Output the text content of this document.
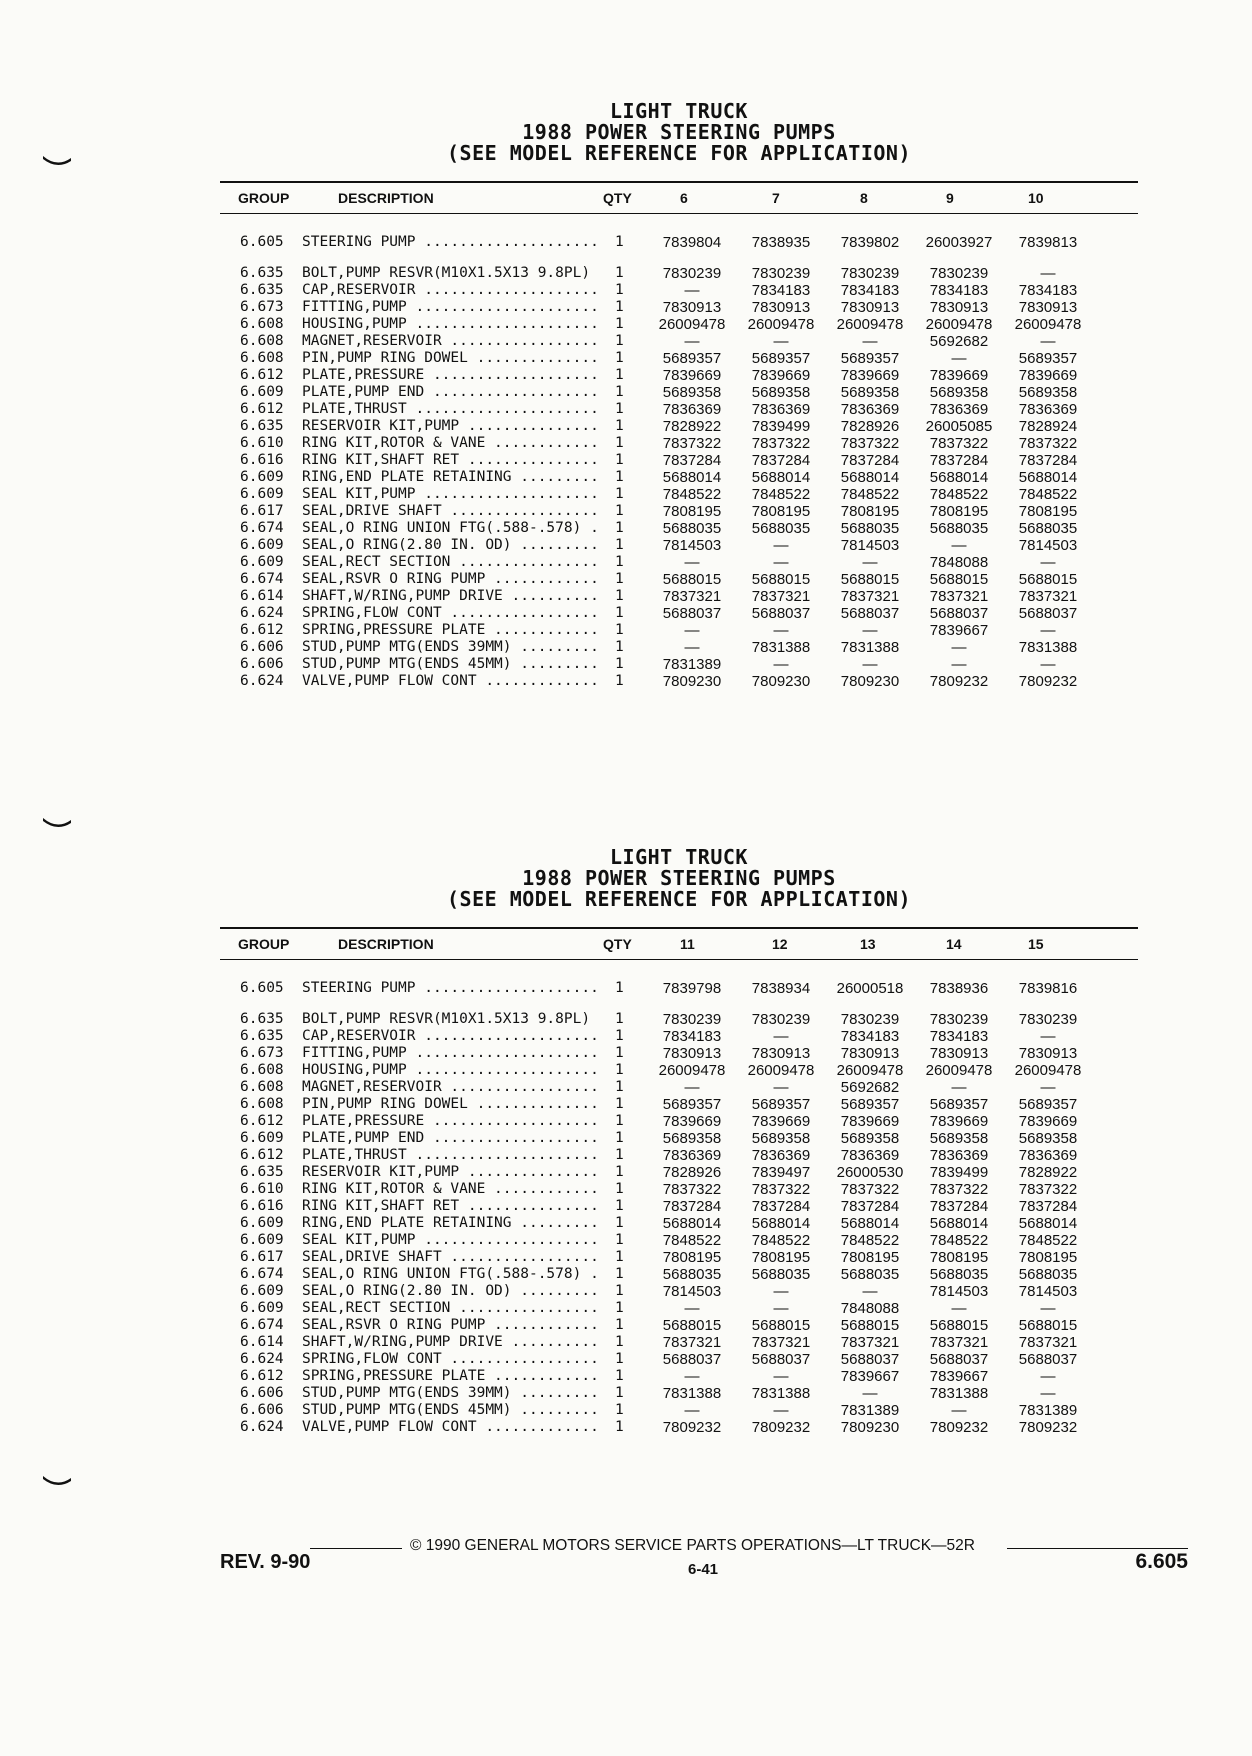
LIGHT TRUCK
1988 POWER STEERING PUMPS
(SEE MODEL REFERENCE FOR APPLICATION)
GROUP	DESCRIPTION	QTY	6	7	8	9	10
6.605 STEERING PUMP .................... 1	7839804	7838935	7839802	26003927	7839813
6.635 BOLT,PUMP RESVR(M10X1.5X13 9.8PL) 1	7830239	7830239	7830239	7830239	—
6.635 CAP,RESERVOIR .................... 1	—	7834183	7834183	7834183	7834183
6.673 FITTING,PUMP ..................... 1	7830913	7830913	7830913	7830913	7830913
6.608 HOUSING,PUMP ..................... 1	26009478	26009478	26009478	26009478	26009478
6.608 MAGNET,RESERVOIR ................. 1	—	—	—	5692682	—
6.608 PIN,PUMP RING DOWEL .............. 1	5689357	5689357	5689357	—	5689357
6.612 PLATE,PRESSURE ................... 1	7839669	7839669	7839669	7839669	7839669
6.609 PLATE,PUMP END ................... 1	5689358	5689358	5689358	5689358	5689358
6.612 PLATE,THRUST ..................... 1	7836369	7836369	7836369	7836369	7836369
6.635 RESERVOIR KIT,PUMP ............... 1	7828922	7839499	7828926	26005085	7828924
6.610 RING KIT,ROTOR & VANE ............ 1	7837322	7837322	7837322	7837322	7837322
6.616 RING KIT,SHAFT RET ............... 1	7837284	7837284	7837284	7837284	7837284
6.609 RING,END PLATE RETAINING ......... 1	5688014	5688014	5688014	5688014	5688014
6.609 SEAL KIT,PUMP .................... 1	7848522	7848522	7848522	7848522	7848522
6.617 SEAL,DRIVE SHAFT ................. 1	7808195	7808195	7808195	7808195	7808195
6.674 SEAL,O RING UNION FTG(.588-.578) . 1	5688035	5688035	5688035	5688035	5688035
6.609 SEAL,O RING(2.80 IN. OD) ......... 1	7814503	—	7814503	—	7814503
6.609 SEAL,RECT SECTION ................ 1	—	—	—	7848088	—
6.674 SEAL,RSVR O RING PUMP ............ 1	5688015	5688015	5688015	5688015	5688015
6.614 SHAFT,W/RING,PUMP DRIVE .......... 1	7837321	7837321	7837321	7837321	7837321
6.624 SPRING,FLOW CONT ................. 1	5688037	5688037	5688037	5688037	5688037
6.612 SPRING,PRESSURE PLATE ............ 1	—	—	—	7839667	—
6.606 STUD,PUMP MTG(ENDS 39MM) ......... 1	—	7831388	7831388	—	7831388
6.606 STUD,PUMP MTG(ENDS 45MM) ......... 1	7831389	—	—	—	—
6.624 VALVE,PUMP FLOW CONT ............. 1	7809230	7809230	7809230	7809232	7809232
LIGHT TRUCK
1988 POWER STEERING PUMPS
(SEE MODEL REFERENCE FOR APPLICATION)
GROUP	DESCRIPTION	QTY	11	12	13	14	15
6.605 STEERING PUMP .................... 1	7839798	7838934	26000518	7838936	7839816
6.635 BOLT,PUMP RESVR(M10X1.5X13 9.8PL) 1	7830239	7830239	7830239	7830239	7830239
6.635 CAP,RESERVOIR .................... 1	7834183	—	7834183	7834183	—
6.673 FITTING,PUMP ..................... 1	7830913	7830913	7830913	7830913	7830913
6.608 HOUSING,PUMP ..................... 1	26009478	26009478	26009478	26009478	26009478
6.608 MAGNET,RESERVOIR ................. 1	—	—	5692682	—	—
6.608 PIN,PUMP RING DOWEL .............. 1	5689357	5689357	5689357	5689357	5689357
6.612 PLATE,PRESSURE ................... 1	7839669	7839669	7839669	7839669	7839669
6.609 PLATE,PUMP END ................... 1	5689358	5689358	5689358	5689358	5689358
6.612 PLATE,THRUST ..................... 1	7836369	7836369	7836369	7836369	7836369
6.635 RESERVOIR KIT,PUMP ............... 1	7828926	7839497	26000530	7839499	7828922
6.610 RING KIT,ROTOR & VANE ............ 1	7837322	7837322	7837322	7837322	7837322
6.616 RING KIT,SHAFT RET ............... 1	7837284	7837284	7837284	7837284	7837284
6.609 RING,END PLATE RETAINING ......... 1	5688014	5688014	5688014	5688014	5688014
6.609 SEAL KIT,PUMP .................... 1	7848522	7848522	7848522	7848522	7848522
6.617 SEAL,DRIVE SHAFT ................. 1	7808195	7808195	7808195	7808195	7808195
6.674 SEAL,O RING UNION FTG(.588-.578) . 1	5688035	5688035	5688035	5688035	5688035
6.609 SEAL,O RING(2.80 IN. OD) ......... 1	7814503	—	—	7814503	7814503
6.609 SEAL,RECT SECTION ................ 1	—	—	7848088	—	—
6.674 SEAL,RSVR O RING PUMP ............ 1	5688015	5688015	5688015	5688015	5688015
6.614 SHAFT,W/RING,PUMP DRIVE .......... 1	7837321	7837321	7837321	7837321	7837321
6.624 SPRING,FLOW CONT ................. 1	5688037	5688037	5688037	5688037	5688037
6.612 SPRING,PRESSURE PLATE ............ 1	—	—	7839667	7839667	—
6.606 STUD,PUMP MTG(ENDS 39MM) ......... 1	7831388	7831388	—	7831388	—
6.606 STUD,PUMP MTG(ENDS 45MM) ......... 1	—	—	7831389	—	7831389
6.624 VALVE,PUMP FLOW CONT ............. 1	7809232	7809232	7809230	7809232	7809232
© 1990 GENERAL MOTORS SERVICE PARTS OPERATIONS—LT TRUCK—52R
REV. 9-90	6-41	6.605
